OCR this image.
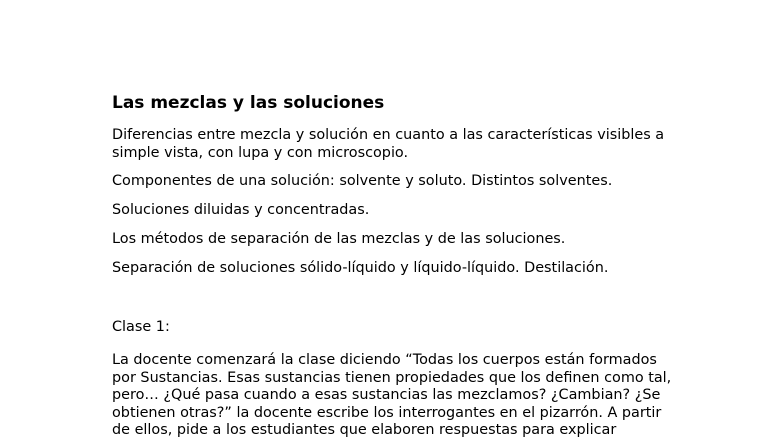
Las mezclas y las soluciones

Diferencias entre mezcla y solución en cuanto a las características visibles a simple vista, con lupa y con microscopio.

Componentes de una solución: solvente y soluto. Distintos solventes.

Soluciones diluidas y concentradas.

Los métodos de separación de las mezclas y de las soluciones.

Separación de soluciones sólido-líquido y líquido-líquido. Destilación.

Clase 1:

La docente comenzará la clase diciendo “Todas los cuerpos están formados por Sustancias. Esas sustancias tienen propiedades que los definen como tal, pero… ¿Qué pasa cuando a esas sustancias las mezclamos? ¿Cambian? ¿Se obtienen otras?” la docente escribe los interrogantes en el pizarrón. A partir de ellos, pide a los estudiantes que elaboren respuestas para explicar
